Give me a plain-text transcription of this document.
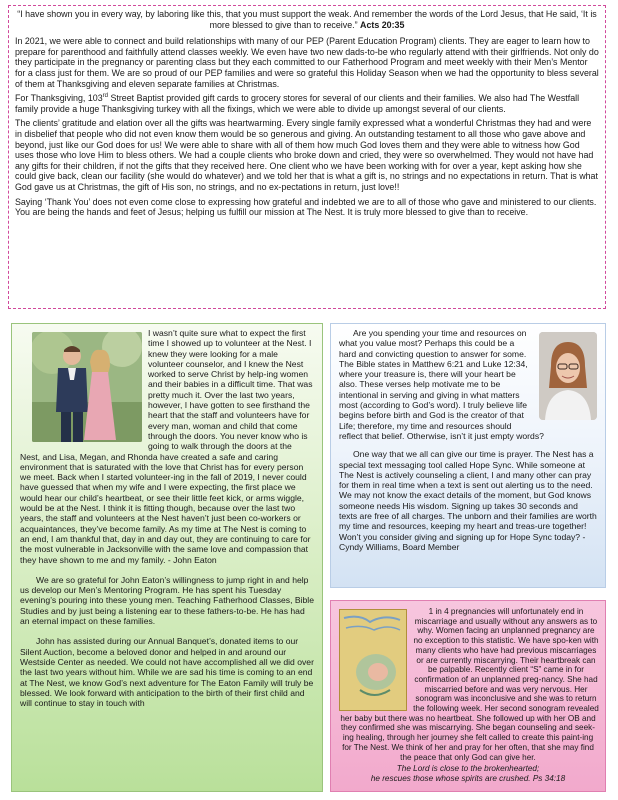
“I have shown you in every way, by laboring like this, that you must support the weak. And remember the words of the Lord Jesus, that He said, ‘It is more blessed to give than to receive.” Acts 20:35

In 2021, we were able to connect and build relationships with many of our PEP (Parent Education Program) clients. They are eager to learn how to prepare for parenthood and faithfully attend classes weekly. We even have two new dads-to-be who regularly attend with their girlfriends. Not only do they participate in the pregnancy or parenting class but they each committed to our Fatherhood Program and meet weekly with their Men’s Mentor for a class just for them. We are so proud of our PEP families and were so grateful this Holiday Season when we had the opportunity to bless several of them at Thanksgiving and eleven separate families at Christmas.

For Thanksgiving, 103rd Street Baptist provided gift cards to grocery stores for several of our clients and their families. We also had The Westfall family provide a huge Thanksgiving turkey with all the fixings, which we were able to divide up amongst several of our clients.

The clients’ gratitude and elation over all the gifts was heartwarming. Every single family expressed what a wonderful Christmas they had and were in disbelief that people who did not even know them would be so generous and giving. An outstanding testament to all those who gave above and beyond, just like our God does for us! We were able to share with all of them how much God loves them and they were able to witness how God uses those who love Him to bless others. We had a couple clients who broke down and cried, they were so overwhelmed. They would not have had any gifts for their children, if not the gifts that they received here. One client who we have been working with for over a year, kept asking how she could give back, clean our facility (she would do whatever) and we told her that is what a gift is, no strings and no expectations in return. That is what God gave us at Christmas, the gift of His son, no strings, and no ex-pectations in return, just love!!

Saying ‘Thank You’ does not even come close to expressing how grateful and indebted we are to all of those who gave and ministered to our clients. You are being the hands and feet of Jesus; helping us fulfill our mission at The Nest. It is truly more blessed to give than to receive.

I wasn’t quite sure what to expect the first time I showed up to volunteer at the Nest. I knew they were looking for a male volunteer counselor, and I knew the Nest worked to serve Christ by help-ing women and their babies in a difficult time. That was pretty much it. Over the last two years, however, I have gotten to see firsthand the heart that the staff and volunteers have for every man, woman and child that come through the doors. You never know who is going to walk through the doors at the Nest, and Lisa, Megan, and Rhonda have created a safe and caring environment that is saturated with the love that Christ has for every person we meet. Back when I started volunteer-ing in the fall of 2019, I never could have guessed that when my wife and I were expecting, the first place we would hear our child’s heartbeat, or see their little feet kick, or arms wiggle, would be at the Nest. I think it is fitting though, because over the last two years, the staff and volunteers at the Nest haven’t just been co-workers or acquaintances, they’ve become family. As my time at The Nest is coming to an end, I am thankful that, day in and day out, they are continuing to care for the most vulnerable in Jacksonville with the same love and compassion that they have shown to me and my family. - John Eaton

We are so grateful for John Eaton’s willingness to jump right in and help us develop our Men’s Mentoring Program. He has spent his Tuesday evening’s pouring into these young men. Teaching Fatherhood Classes, Bible Studies and by just being a listening ear to these fathers-to-be. He has had an eternal impact on these families.

John has assisted during our Annual Banquet’s, donated items to our Silent Auction, become a beloved donor and helped in and around our Westside Center as needed. We could not have accomplished all we did over the last two years without him. While we are sad his time is coming to an end at The Nest, we know God’s next adventure for The Eaton Family will truly be blessed. We look forward with anticipation to the birth of their first child and will continue to stay in touch with

Are you spending your time and resources on what you value most? Perhaps this could be a hard and convicting question to answer for some. The Bible states in Matthew 6:21 and Luke 12:34, where your treasure is, there will your heart be also. These verses help motivate me to be intentional in serving and giving in what matters most (according to God’s word). I truly believe life begins before birth and God is the creator of that Life; therefore, my time and resources should reflect that belief. Otherwise, isn’t it just empty words?

One way that we all can give our time is prayer. The Nest has a special text messaging tool called Hope Sync. While someone at The Nest is actively counseling a client, I and many other can pray for them in real time when a text is sent out alerting us to the need. We may not know the exact details of the moment, but God knows someone needs His wisdom. Signing up takes 30 seconds and texts are free of all charges. The unborn and their families are worth my time and resources, keeping my heart and treas-ure together! Won’t you consider giving and signing up for Hope Sync today? - Cyndy Williams, Board Member

1 in 4 pregnancies will unfortunately end in miscarriage and usually without any answers as to why. Women facing an unplanned pregnancy are no exception to this statistic. We have spo-ken with many clients who have had previous miscarriages or are currently miscarrying. Their heartbreak can be palpable. Recently client “S” came in for confirmation of an unplanned preg-nancy. She had miscarried before and was very nervous. Her sonogram was inconclusive and she was to return the following week. Her second sonogram revealed her baby but there was no heartbeat. She followed up with her OB and they confirmed she was miscarrying. She began counseling and seek-ing healing, through her journey she felt called to create this paint-ing for The Nest. We think of her and pray for her often, that she may find the peace that only God can give her.

The Lord is close to the brokenhearted;
he rescues those whose spirits are crushed. Ps 34:18
